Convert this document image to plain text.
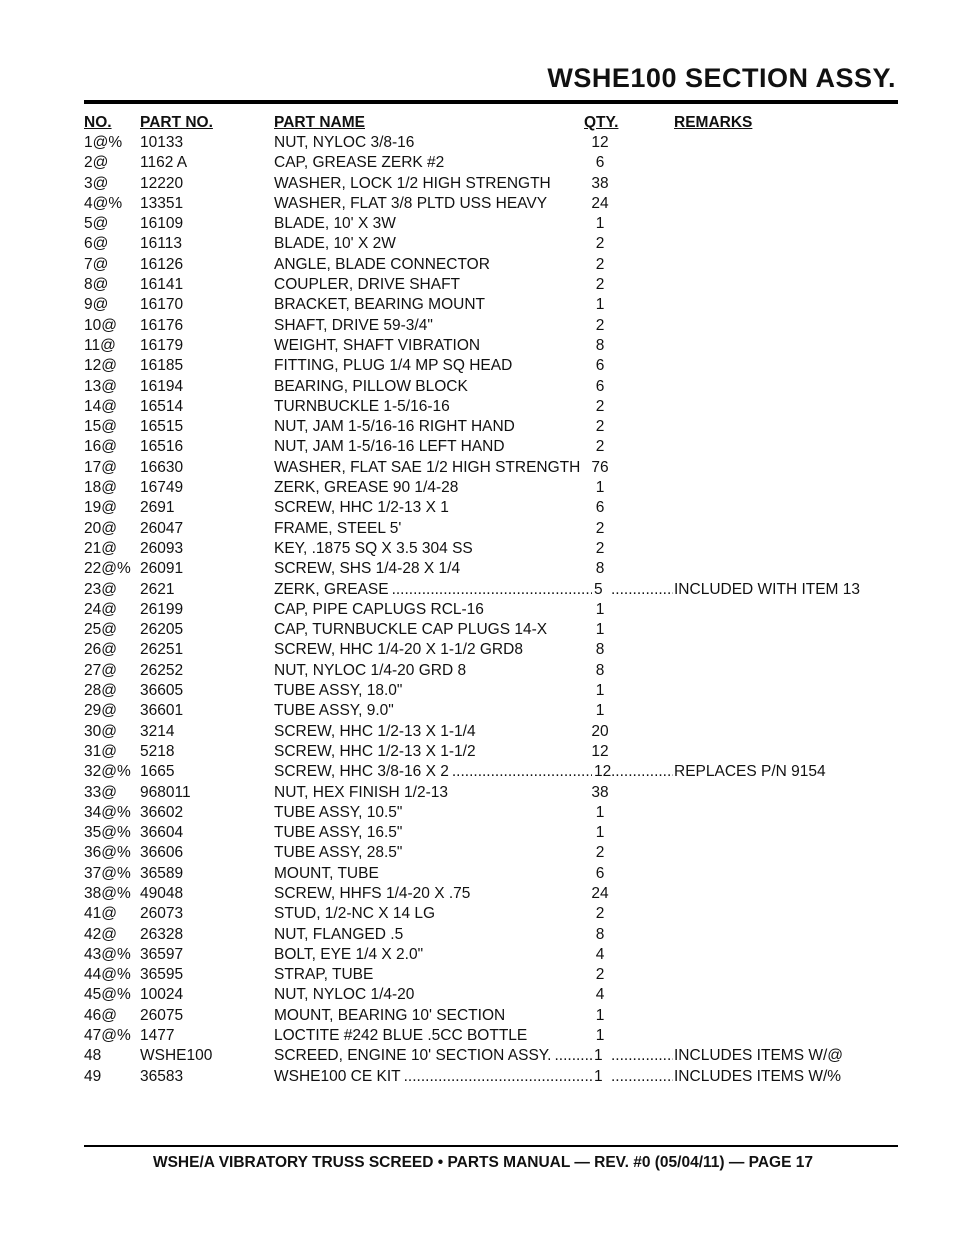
WSHE100 SECTION ASSY.
NO. PART NO.	PART NAME	QTY.	REMARKS
1@% 10133	NUT, NYLOC 3/8-16	12
2@ 1162 A	CAP, GREASE ZERK #2	6
3@ 12220	WASHER, LOCK 1/2 HIGH STRENGTH	38
4@% 13351	WASHER, FLAT 3/8 PLTD USS HEAVY	24
5@ 16109	BLADE, 10' X 3W	1
6@ 16113	BLADE, 10' X 2W	2
7@ 16126	ANGLE, BLADE CONNECTOR	2
8@ 16141	COUPLER, DRIVE SHAFT	2
9@ 16170	BRACKET, BEARING MOUNT	1
10@ 16176	SHAFT, DRIVE 59-3/4"	2
11@ 16179	WEIGHT, SHAFT VIBRATION	8
12@ 16185	FITTING, PLUG 1/4 MP SQ HEAD	6
13@ 16194	BEARING, PILLOW BLOCK	6
14@ 16514	TURNBUCKLE 1-5/16-16	2
15@ 16515	NUT, JAM 1-5/16-16 RIGHT HAND	2
16@ 16516	NUT, JAM 1-5/16-16 LEFT HAND	2
17@ 16630	WASHER, FLAT SAE 1/2 HIGH STRENGTH 76
18@ 16749	ZERK, GREASE 90 1/4-28	1
19@ 2691	SCREW, HHC 1/2-13 X 1	6
20@ 26047	FRAME, STEEL 5'	2
21@ 26093	KEY, .1875 SQ X 3.5 304 SS	2
22@% 26091	SCREW, SHS 1/4-28 X 1/4	8
23@ 2621	ZERK, GREASE	5	INCLUDED WITH ITEM 13
.....
.....
24@ 26199	CAP, PIPE CAPLUGS RCL-16	1
25@ 26205	CAP, TURNBUCKLE CAP PLUGS 14-X	1
26@ 26251	SCREW, HHC 1/4-20 X 1-1/2 GRD8	8
27@ 26252	NUT, NYLOC 1/4-20 GRD 8	8
28@ 36605	TUBE ASSY, 18.0"	1
29@ 36601	TUBE ASSY, 9.0"	1
30@ 3214	SCREW, HHC 1/2-13 X 1-1/4	20
31@ 5218	SCREW, HHC 1/2-13 X 1-1/2	12
32@% 1665	SCREW, HHC 3/8-16 X 2	12	REPLACES P/N 9154
.....
.....
33@ 968011	NUT, HEX FINISH 1/2-13	38
34@% 36602	TUBE ASSY, 10.5"	1
35@% 36604	TUBE ASSY, 16.5"	1
36@% 36606	TUBE ASSY, 28.5"	2
37@% 36589	MOUNT, TUBE	6
38@% 49048	SCREW, HHFS 1/4-20 X .75	24
41@ 26073	STUD, 1/2-NC X 14 LG	2
42@ 26328	NUT, FLANGED .5	8
43@% 36597	BOLT, EYE 1/4 X 2.0"	4
44@% 36595	STRAP, TUBE	2
45@% 10024	NUT, NYLOC 1/4-20	4
46@ 26075	MOUNT, BEARING 10' SECTION	1
47@% 1477	LOCTITE #242 BLUE .5CC BOTTLE	1
48	WSHE100	SCREED, ENGINE 10' SECTION ASSY.	1	INCLUDES ITEMS W/@
.....
.....
49	36583	WSHE100 CE KIT	1	INCLUDES ITEMS W/%
.....
.....
WSHE/A VIBRATORY TRUSS SCREED • PARTS MANUAL — REV. #0 (05/04/11) — PAGE 17
